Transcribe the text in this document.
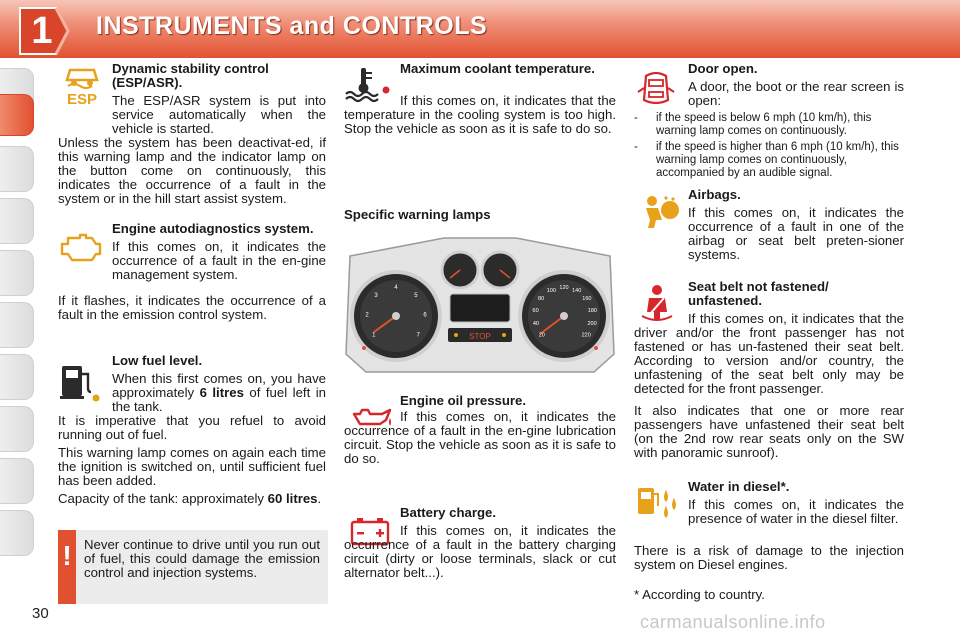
1	INSTRUMENTS and CONTROLS
ESP

Dynamic stability control (ESP/ASR).

The ESP/ASR system is put into service automatically when the vehicle is started.

Unless the system has been deactivat-ed, if this warning lamp and the indicator lamp on the button come on continuously, this indicates the occurrence of a fault in the system or in the hill start assist system.

Engine autodiagnostics system.

If this comes on, it indicates the occurrence of a fault in the en-gine management system.

If it flashes, it indicates the occurrence of a fault in the emission control system.

Low fuel level.

When this first comes on, you have approximately 6 litres of fuel left in the tank.

It is imperative that you refuel to avoid running out of fuel.

This warning lamp comes on again each time the ignition is switched on, until sufficient fuel has been added.

Capacity of the tank: approximately 60 litres.

! Never continue to drive until you run out of fuel, this could damage the emission control and injection systems.
30

Maximum coolant temperature.

If this comes on, it indicates that the temperature in the cooling system is too high. Stop the vehicle as soon as it is safe to do so.
Specific warning lamps
STOP
1
2
3
4
5
6
7	20
40
60
80
100 120 140
160
180
200
220

Engine oil pressure.

If this comes on, it indicates the occurrence of a fault in the en-gine lubrication circuit. Stop the vehicle as soon as it is safe to do so.

Battery charge.

If this comes on, it indicates the occurrence of a fault in the battery charging circuit (dirty or loose terminals, slack or cut alternator belt...).

Door open.

A door, the boot or the rear screen is open:

-	if the speed is below 6 mph (10 km/h), this warning lamp comes on continuously.
-	if the speed is higher than 6 mph (10 km/h), this warning lamp comes on continuously, accompanied by an audible signal.

Airbags.

If this comes on, it indicates the occurrence of a fault in one of the airbag or seat belt preten-sioner systems.

Seat belt not fastened/ unfastened.

If this comes on, it indicates that the driver and/or the front passenger has not fastened or has un-fastened their seat belt. According to version and/or country, the unfastening of the seat belt only may be detected for the front passenger.
It also indicates that one or more rear passengers have unfastened their seat belt (on the 2nd row rear seats only on the SW with panoramic sunroof).

Water in diesel*.

If this comes on, it indicates the presence of water in the diesel filter.

There is a risk of damage to the injection system on Diesel engines.
* According to country.
carmanualsonline.info
